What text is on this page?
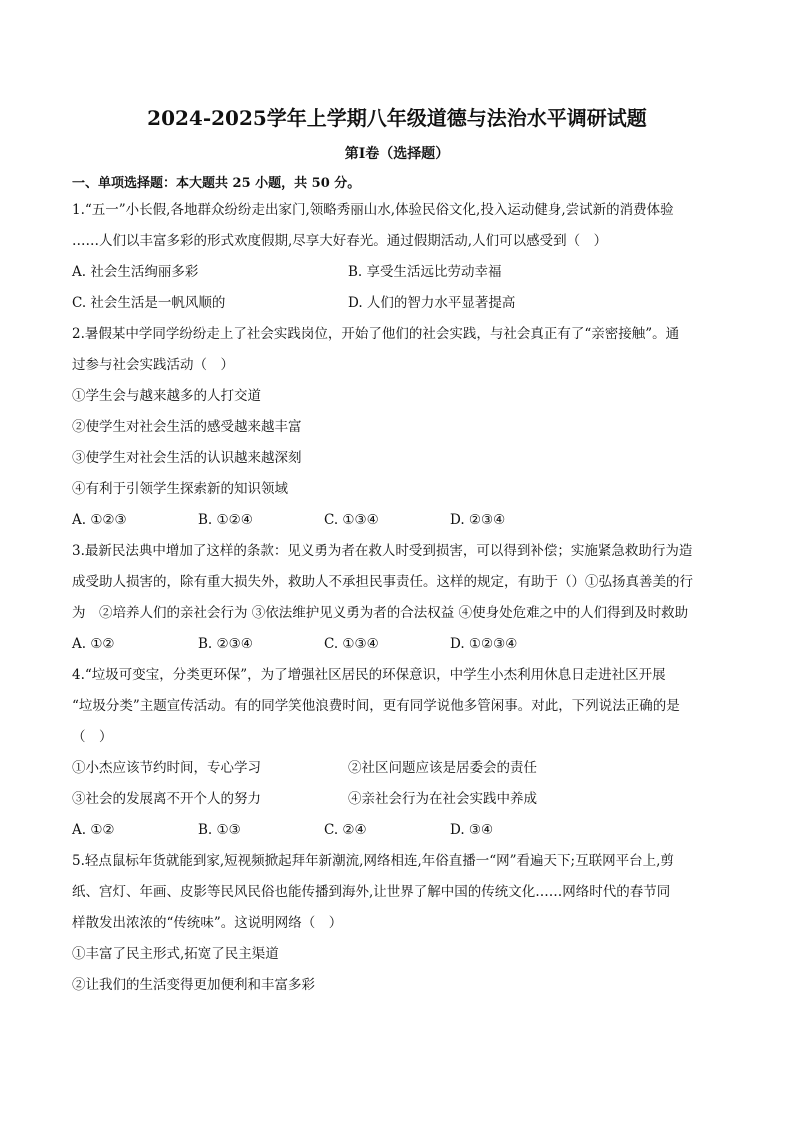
2024-2025学年上学期八年级道德与法治水平调研试题
第Ⅰ卷（选择题）
一、单项选择题：本大题共 25 小题，共 50 分。
1.“五一”小长假,各地群众纷纷走出家门,领略秀丽山水,体验民俗文化,投入运动健身,尝试新的消费体验
……人们以丰富多彩的形式欢度假期,尽享大好春光。通过假期活动,人们可以感受到（　）
A. 社会生活绚丽多彩	B. 享受生活远比劳动幸福
C. 社会生活是一帆风顺的	D. 人们的智力水平显著提高
2.暑假某中学同学纷纷走上了社会实践岗位，开始了他们的社会实践，与社会真正有了“亲密接触”。通
过参与社会实践活动（　）
①学生会与越来越多的人打交道
②使学生对社会生活的感受越来越丰富
③使学生对社会生活的认识越来越深刻
④有利于引领学生探索新的知识领域
A. ①②③	B. ①②④	C. ①③④	D. ②③④
3.最新民法典中增加了这样的条款：见义勇为者在救人时受到损害，可以得到补偿；实施紧急救助行为造
成受助人损害的，除有重大损失外，救助人不承担民事责任。这样的规定，有助于（）①弘扬真善美的行
为　②培养人们的亲社会行为 ③依法维护见义勇为者的合法权益 ④使身处危难之中的人们得到及时救助
A. ①②	B. ②③④	C. ①③④	D. ①②③④
4.“垃圾可变宝，分类更环保”，为了增强社区居民的环保意识，中学生小杰利用休息日走进社区开展
“垃圾分类”主题宣传活动。有的同学笑他浪费时间，更有同学说他多管闲事。对此，下列说法正确的是
（　）
①小杰应该节约时间，专心学习	②社区问题应该是居委会的责任
③社会的发展离不开个人的努力	④亲社会行为在社会实践中养成
A. ①②	B. ①③	C. ②④	D. ③④
5.轻点鼠标年货就能到家,短视频掀起拜年新潮流,网络相连,年俗直播一“网”看遍天下;互联网平台上,剪
纸、宫灯、年画、皮影等民风民俗也能传播到海外,让世界了解中国的传统文化……网络时代的春节同
样散发出浓浓的“传统味”。这说明网络（　）
①丰富了民主形式,拓宽了民主渠道
②让我们的生活变得更加便利和丰富多彩
